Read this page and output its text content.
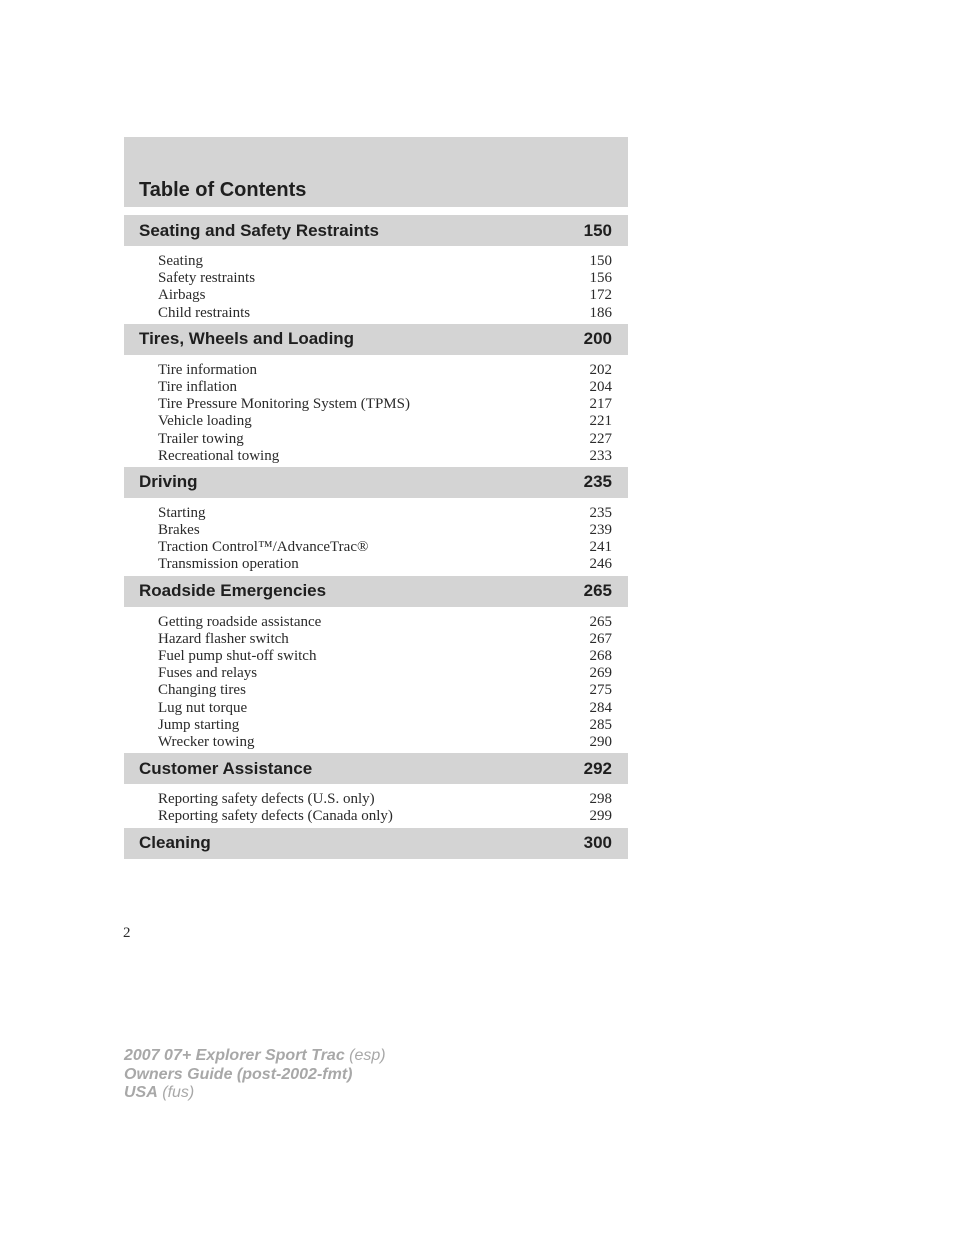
Table of Contents
Seating and Safety Restraints	150
Seating	150
Safety restraints	156
Airbags	172
Child restraints	186
Tires, Wheels and Loading	200
Tire information	202
Tire inflation	204
Tire Pressure Monitoring System (TPMS)	217
Vehicle loading	221
Trailer towing	227
Recreational towing	233
Driving	235
Starting	235
Brakes	239
Traction Control™/AdvanceTrac®	241
Transmission operation	246
Roadside Emergencies	265
Getting roadside assistance	265
Hazard flasher switch	267
Fuel pump shut-off switch	268
Fuses and relays	269
Changing tires	275
Lug nut torque	284
Jump starting	285
Wrecker towing	290
Customer Assistance	292
Reporting safety defects (U.S. only)	298
Reporting safety defects (Canada only)	299
Cleaning	300
2
2007 07+ Explorer Sport Trac (esp)
Owners Guide (post-2002-fmt)
USA (fus)
